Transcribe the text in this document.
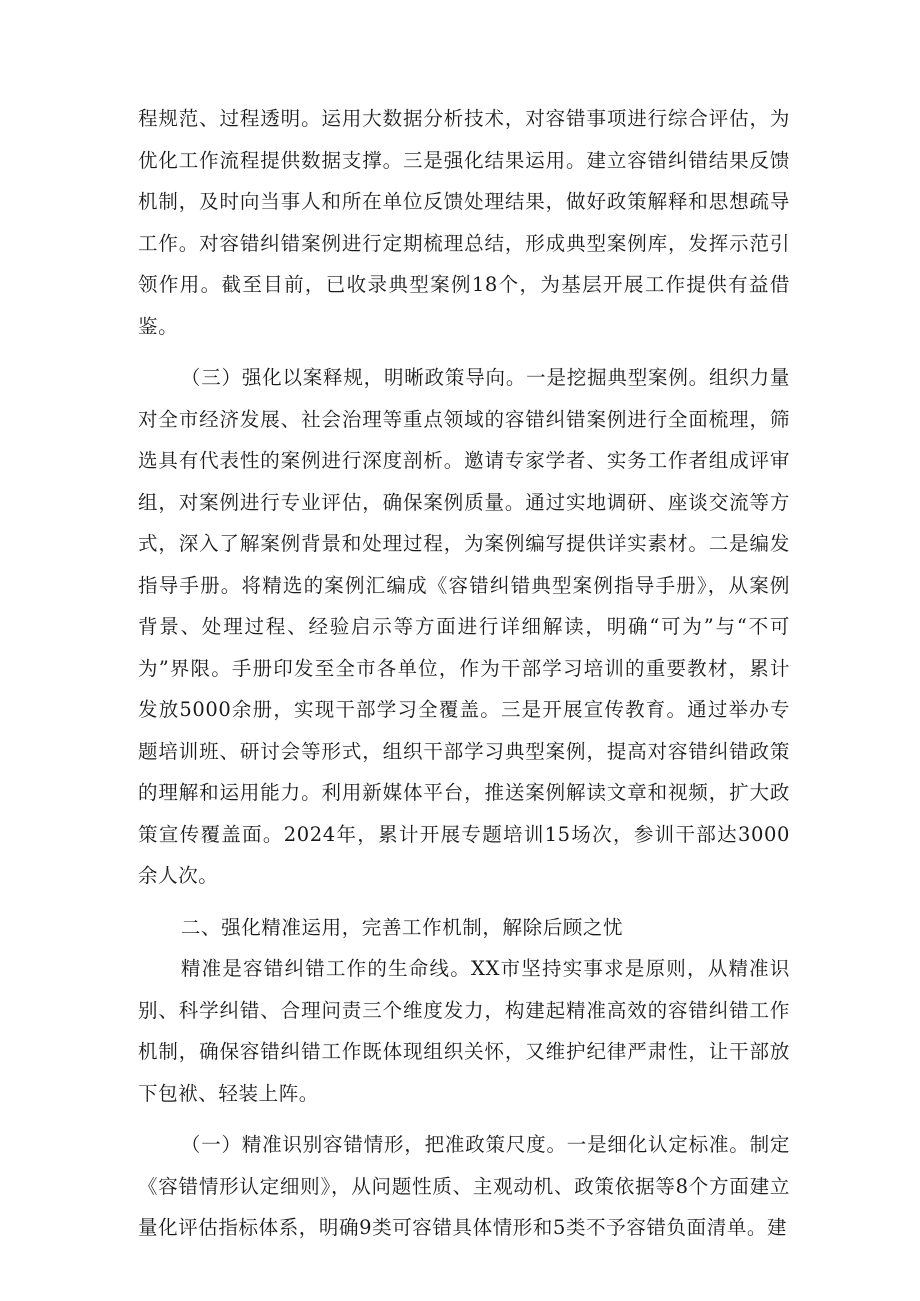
程规范、过程透明。运用大数据分析技术，对容错事项进行综合评估，为优化工作流程提供数据支撑。三是强化结果运用。建立容错纠错结果反馈机制，及时向当事人和所在单位反馈处理结果，做好政策解释和思想疏导工作。对容错纠错案例进行定期梳理总结，形成典型案例库，发挥示范引领作用。截至目前，已收录典型案例18个，为基层开展工作提供有益借鉴。

（三）强化以案释规，明晰政策导向。一是挖掘典型案例。组织力量对全市经济发展、社会治理等重点领域的容错纠错案例进行全面梳理，筛选具有代表性的案例进行深度剖析。邀请专家学者、实务工作者组成评审组，对案例进行专业评估，确保案例质量。通过实地调研、座谈交流等方式，深入了解案例背景和处理过程，为案例编写提供详实素材。二是编发指导手册。将精选的案例汇编成《容错纠错典型案例指导手册》，从案例背景、处理过程、经验启示等方面进行详细解读，明确“可为”与“不可为”界限。手册印发至全市各单位，作为干部学习培训的重要教材，累计发放5000余册，实现干部学习全覆盖。三是开展宣传教育。通过举办专题培训班、研讨会等形式，组织干部学习典型案例，提高对容错纠错政策的理解和运用能力。利用新媒体平台，推送案例解读文章和视频，扩大政策宣传覆盖面。2024年，累计开展专题培训15场次，参训干部达3000余人次。

二、强化精准运用，完善工作机制，解除后顾之忧

精准是容错纠错工作的生命线。XX市坚持实事求是原则，从精准识别、科学纠错、合理问责三个维度发力，构建起精准高效的容错纠错工作机制，确保容错纠错工作既体现组织关怀，又维护纪律严肃性，让干部放下包袱、轻装上阵。

（一）精准识别容错情形，把准政策尺度。一是细化认定标准。制定《容错情形认定细则》，从问题性质、主观动机、政策依据等8个方面建立量化评估指标体系，明确9类可容错具体情形和5类不予容错负面清单。建
